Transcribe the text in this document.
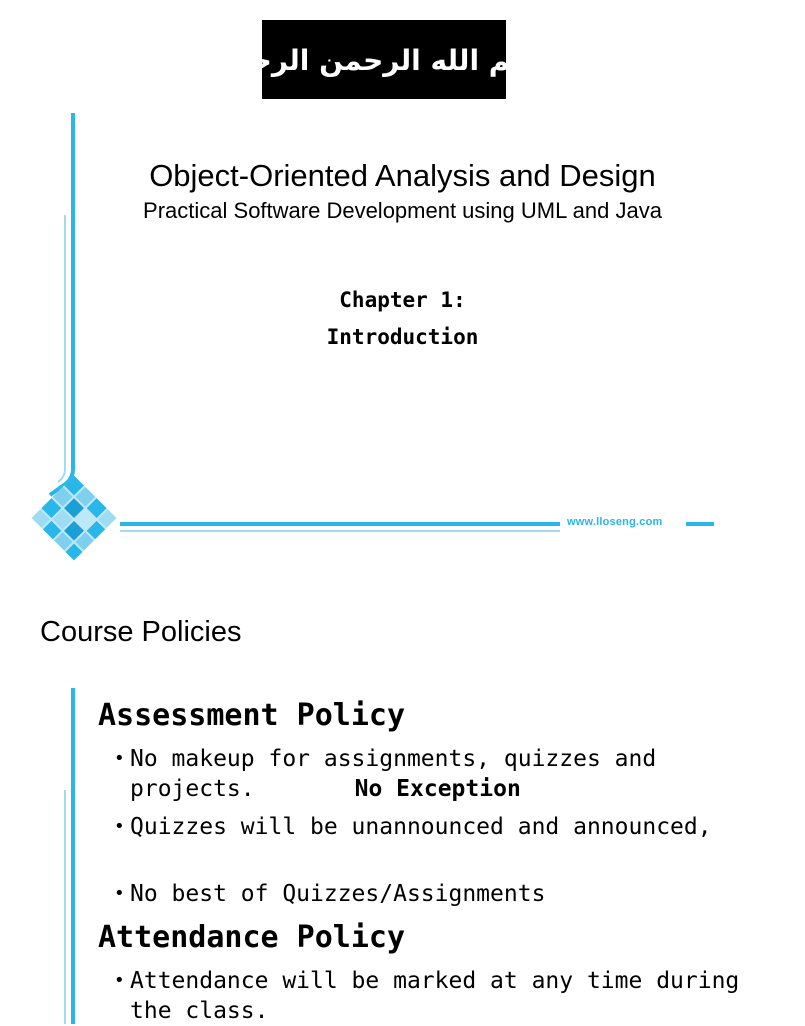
بسم الله الرحمن الرحيم
www.lloseng.com
Object-Oriented Analysis and Design
Practical Software Development using UML and Java
Chapter 1:
Introduction
Course Policies
Assessment Policy
• No makeup for assignments, quizzes and projects.	No Exception
• Quizzes will be unannounced and announced,
• No best of Quizzes/Assignments
Attendance Policy
• Attendance will be marked at any time during the class.
